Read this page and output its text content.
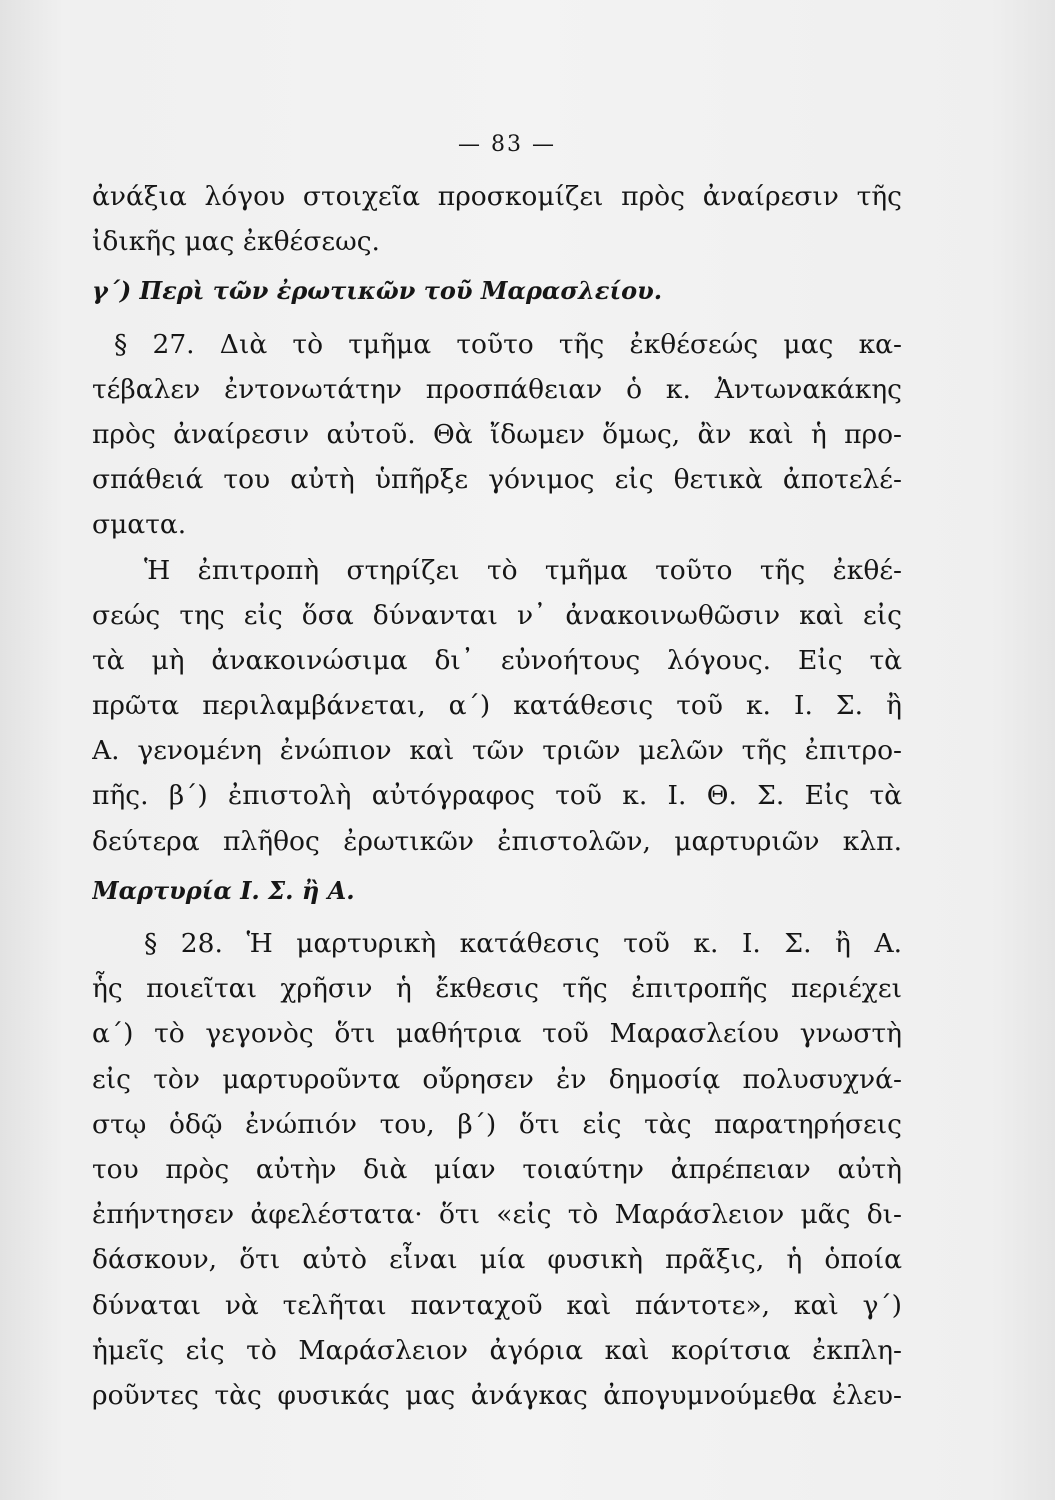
— 83 —
ἀνάξια λόγου στοιχεῖα προσκομίζει πρὸς ἀναίρεσιν τῆς
ἰδικῆς μας ἐκθέσεως.
γ΄) Περὶ τῶν ἐρωτικῶν τοῦ Μαρασλείου.
§ 27. Διὰ τὸ τμῆμα τοῦτο τῆς ἐκθέσεώς μας κα-
τέβαλεν ἐντονωτάτην προσπάθειαν ὁ κ. Ἀντωνακάκης
πρὸς ἀναίρεσιν αὐτοῦ. Θὰ ἴδωμεν ὅμως, ἂν καὶ ἡ προ-
σπάθειά του αὐτὴ ὑπῆρξε γόνιμος εἰς θετικὰ ἀποτελέ-
σματα.
Ἡ ἐπιτροπὴ στηρίζει τὸ τμῆμα τοῦτο τῆς ἐκθέ-
σεώς της εἰς ὅσα δύνανται ν᾽ ἀνακοινωθῶσιν καὶ εἰς
τὰ μὴ ἀνακοινώσιμα δι᾽ εὐνοήτους λόγους. Εἰς τὰ
πρῶτα περιλαμβάνεται, α΄) κατάθεσις τοῦ κ. Ι. Σ. ἢ
Α. γενομένη ἐνώπιον καὶ τῶν τριῶν μελῶν τῆς ἐπιτρο-
πῆς. β΄) ἐπιστολὴ αὐτόγραφος τοῦ κ. Ι. Θ. Σ. Εἰς τὰ
δεύτερα πλῆθος ἐρωτικῶν ἐπιστολῶν, μαρτυριῶν κλπ.
Μαρτυρία Ι. Σ. ἢ Α.
§ 28. Ἡ μαρτυρικὴ κατάθεσις τοῦ κ. Ι. Σ. ἢ Α.
ἧς ποιεῖται χρῆσιν ἡ ἔκθεσις τῆς ἐπιτροπῆς περιέχει
α΄) τὸ γεγονὸς ὅτι μαθήτρια τοῦ Μαρασλείου γνωστὴ
εἰς τὸν μαρτυροῦντα οὔρησεν ἐν δημοσίᾳ πολυσυχνά-
στῳ ὁδῷ ἐνώπιόν του, β΄) ὅτι εἰς τὰς παρατηρήσεις
του πρὸς αὐτὴν διὰ μίαν τοιαύτην ἀπρέπειαν αὐτὴ
ἐπήντησεν ἀφελέστατα· ὅτι «εἰς τὸ Μαράσλειον μᾶς δι-
δάσκουν, ὅτι αὐτὸ εἶναι μία φυσικὴ πρᾶξις, ἡ ὁποία
δύναται νὰ τελῆται πανταχοῦ καὶ πάντοτε», καὶ γ΄)
ἡμεῖς εἰς τὸ Μαράσλειον ἀγόρια καὶ κορίτσια ἐκπλη-
ροῦντες τὰς φυσικάς μας ἀνάγκας ἀπογυμνούμεθα ἐλευ-
